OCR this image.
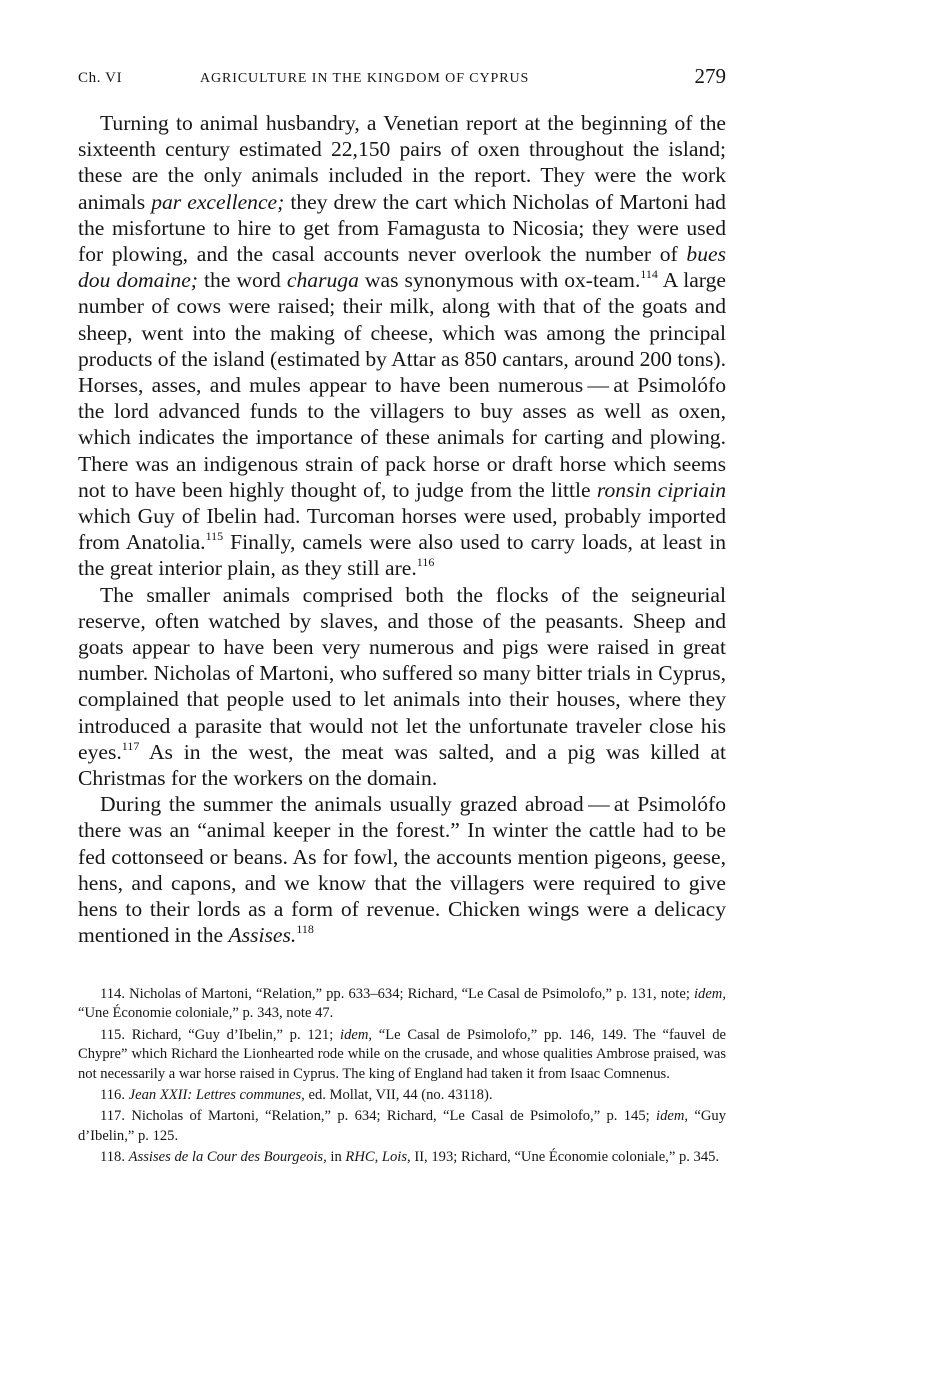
Ch. VI	AGRICULTURE IN THE KINGDOM OF CYPRUS	279

Turning to animal husbandry, a Venetian report at the beginning of the sixteenth century estimated 22,150 pairs of oxen throughout the island; these are the only animals included in the report. They were the work animals par excellence; they drew the cart which Nicholas of Martoni had the misfortune to hire to get from Famagusta to Nicosia; they were used for plowing, and the casal accounts never overlook the number of bues dou domaine; the word charuga was synonymous with ox-team.$^{114}$ A large number of cows were raised; their milk, along with that of the goats and sheep, went into the making of cheese, which was among the principal products of the island (estimated by Attar as 850 cantars, around 200 tons). Horses, asses, and mules appear to have been numerous — at Psimolófo the lord advanced funds to the villagers to buy asses as well as oxen, which indicates the importance of these animals for carting and plowing. There was an indigenous strain of pack horse or draft horse which seems not to have been highly thought of, to judge from the little ronsin cipriain which Guy of Ibelin had. Turcoman horses were used, probably imported from Anatolia.$^{115}$ Finally, camels were also used to carry loads, at least in the great interior plain, as they still are.$^{116}$

The smaller animals comprised both the flocks of the seigneurial reserve, often watched by slaves, and those of the peasants. Sheep and goats appear to have been very numerous and pigs were raised in great number. Nicholas of Martoni, who suffered so many bitter trials in Cyprus, complained that people used to let animals into their houses, where they introduced a parasite that would not let the unfortunate traveler close his eyes.$^{117}$ As in the west, the meat was salted, and a pig was killed at Christmas for the workers on the domain.

During the summer the animals usually grazed abroad — at Psimolófo there was an “animal keeper in the forest.” In winter the cattle had to be fed cottonseed or beans. As for fowl, the accounts mention pigeons, geese, hens, and capons, and we know that the villagers were required to give hens to their lords as a form of revenue. Chicken wings were a delicacy mentioned in the Assises.$^{118}$

114. Nicholas of Martoni, “Relation,” pp. 633–634; Richard, “Le Casal de Psimolofo,” p. 131, note; idem, “Une Économie coloniale,” p. 343, note 47.

115. Richard, “Guy d’Ibelin,” p. 121; idem, “Le Casal de Psimolofo,” pp. 146, 149. The “fauvel de Chypre” which Richard the Lionhearted rode while on the crusade, and whose qualities Ambrose praised, was not necessarily a war horse raised in Cyprus. The king of England had taken it from Isaac Comnenus.

116. Jean XXII: Lettres communes, ed. Mollat, VII, 44 (no. 43118).

117. Nicholas of Martoni, “Relation,” p. 634; Richard, “Le Casal de Psimolofo,” p. 145; idem, “Guy d’Ibelin,” p. 125.

118. Assises de la Cour des Bourgeois, in RHC, Lois, II, 193; Richard, “Une Économie coloniale,” p. 345.
